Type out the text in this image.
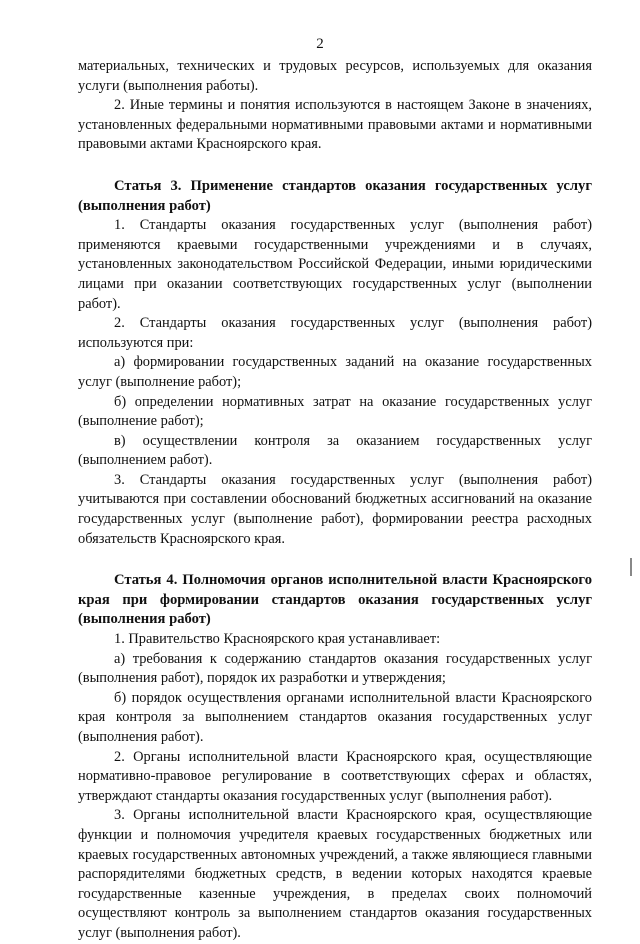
2

материальных, технических и трудовых ресурсов, используемых для оказания услуги (выполнения работы).

2. Иные термины и понятия используются в настоящем Законе в значениях, установленных федеральными нормативными правовыми актами и нормативными правовыми актами Красноярского края.

Статья 3. Применение стандартов оказания государственных услуг (выполнения работ)

1. Стандарты оказания государственных услуг (выполнения работ) применяются краевыми государственными учреждениями и в случаях, установленных законодательством Российской Федерации, иными юридическими лицами при оказании соответствующих государственных услуг (выполнении работ).

2. Стандарты оказания государственных услуг (выполнения работ) используются при:

а) формировании государственных заданий на оказание государственных услуг (выполнение работ);

б) определении нормативных затрат на оказание государственных услуг (выполнение работ);

в) осуществлении контроля за оказанием государственных услуг (выполнением работ).

3. Стандарты оказания государственных услуг (выполнения работ) учитываются при составлении обоснований бюджетных ассигнований на оказание государственных услуг (выполнение работ), формировании реестра расходных обязательств Красноярского края.

Статья 4. Полномочия органов исполнительной власти Красноярского края при формировании стандартов оказания государственных услуг (выполнения работ)

1. Правительство Красноярского края устанавливает:

а) требования к содержанию стандартов оказания государственных услуг (выполнения работ), порядок их разработки и утверждения;

б) порядок осуществления органами исполнительной власти Красноярского края контроля за выполнением стандартов оказания государственных услуг (выполнения работ).

2. Органы исполнительной власти Красноярского края, осуществляющие нормативно-правовое регулирование в соответствующих сферах и областях, утверждают стандарты оказания государственных услуг (выполнения работ).

3. Органы исполнительной власти Красноярского края, осуществляющие функции и полномочия учредителя краевых государственных бюджетных или краевых государственных автономных учреждений, а также являющиеся главными распорядителями бюджетных средств, в ведении которых находятся краевые государственные казенные учреждения, в пределах своих полномочий осуществляют контроль за выполнением стандартов оказания государственных услуг (выполнения работ).
